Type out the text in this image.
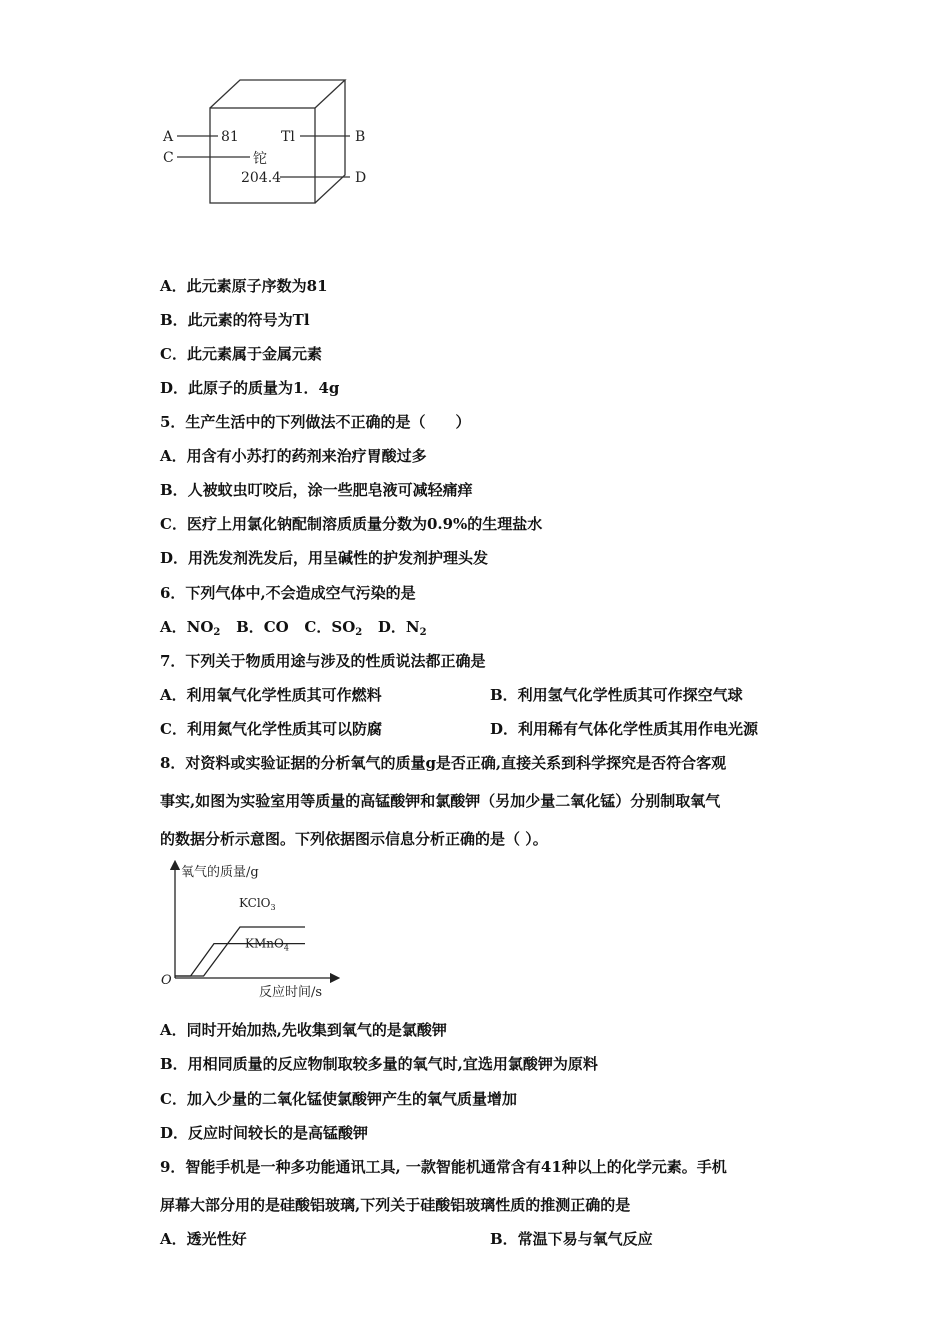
A
C
B
D
81	Tl
铊
204.4
A．此元素原子序数为81
B．此元素的符号为Tl
C．此元素属于金属元素
D．此原子的质量为1．4g
5．生产生活中的下列做法不正确的是（　　）
A．用含有小苏打的药剂来治疗胃酸过多
B．人被蚊虫叮咬后，涂一些肥皂液可减轻痛痒
C．医疗上用氯化钠配制溶质质量分数为0.9%的生理盐水
D．用洗发剂洗发后，用呈碱性的护发剂护理头发
6．下列气体中,不会造成空气污染的是
A．$NO_2$ B．CO C．$SO_2$ D．$N_2$
7．下列关于物质用途与涉及的性质说法都正确是
A．利用氧气化学性质其可作燃料	B．利用氢气化学性质其可作探空气球
C．利用氮气化学性质其可以防腐	D．利用稀有气体化学性质其用作电光源
8．对资料或实验证据的分析氧气的质量g是否正确,直接关系到科学探究是否符合客观
事实,如图为实验室用等质量的高锰酸钾和氯酸钾（另加少量二氧化锰）分别制取氧气
的数据分析示意图。下列依据图示信息分析正确的是（ ）。
氧气的质量/g
反应时间/s
O
KClO$_3$
KMnO$_4$
A．同时开始加热,先收集到氧气的是氯酸钾
B．用相同质量的反应物制取较多量的氧气时,宜选用氯酸钾为原料
C．加入少量的二氧化锰使氯酸钾产生的氧气质量增加
D．反应时间较长的是高锰酸钾
9．智能手机是一种多功能通讯工具, 一款智能机通常含有41种以上的化学元素。手机
屏幕大部分用的是硅酸铝玻璃,下列关于硅酸铝玻璃性质的推测正确的是
A．透光性好	B．常温下易与氧气反应
